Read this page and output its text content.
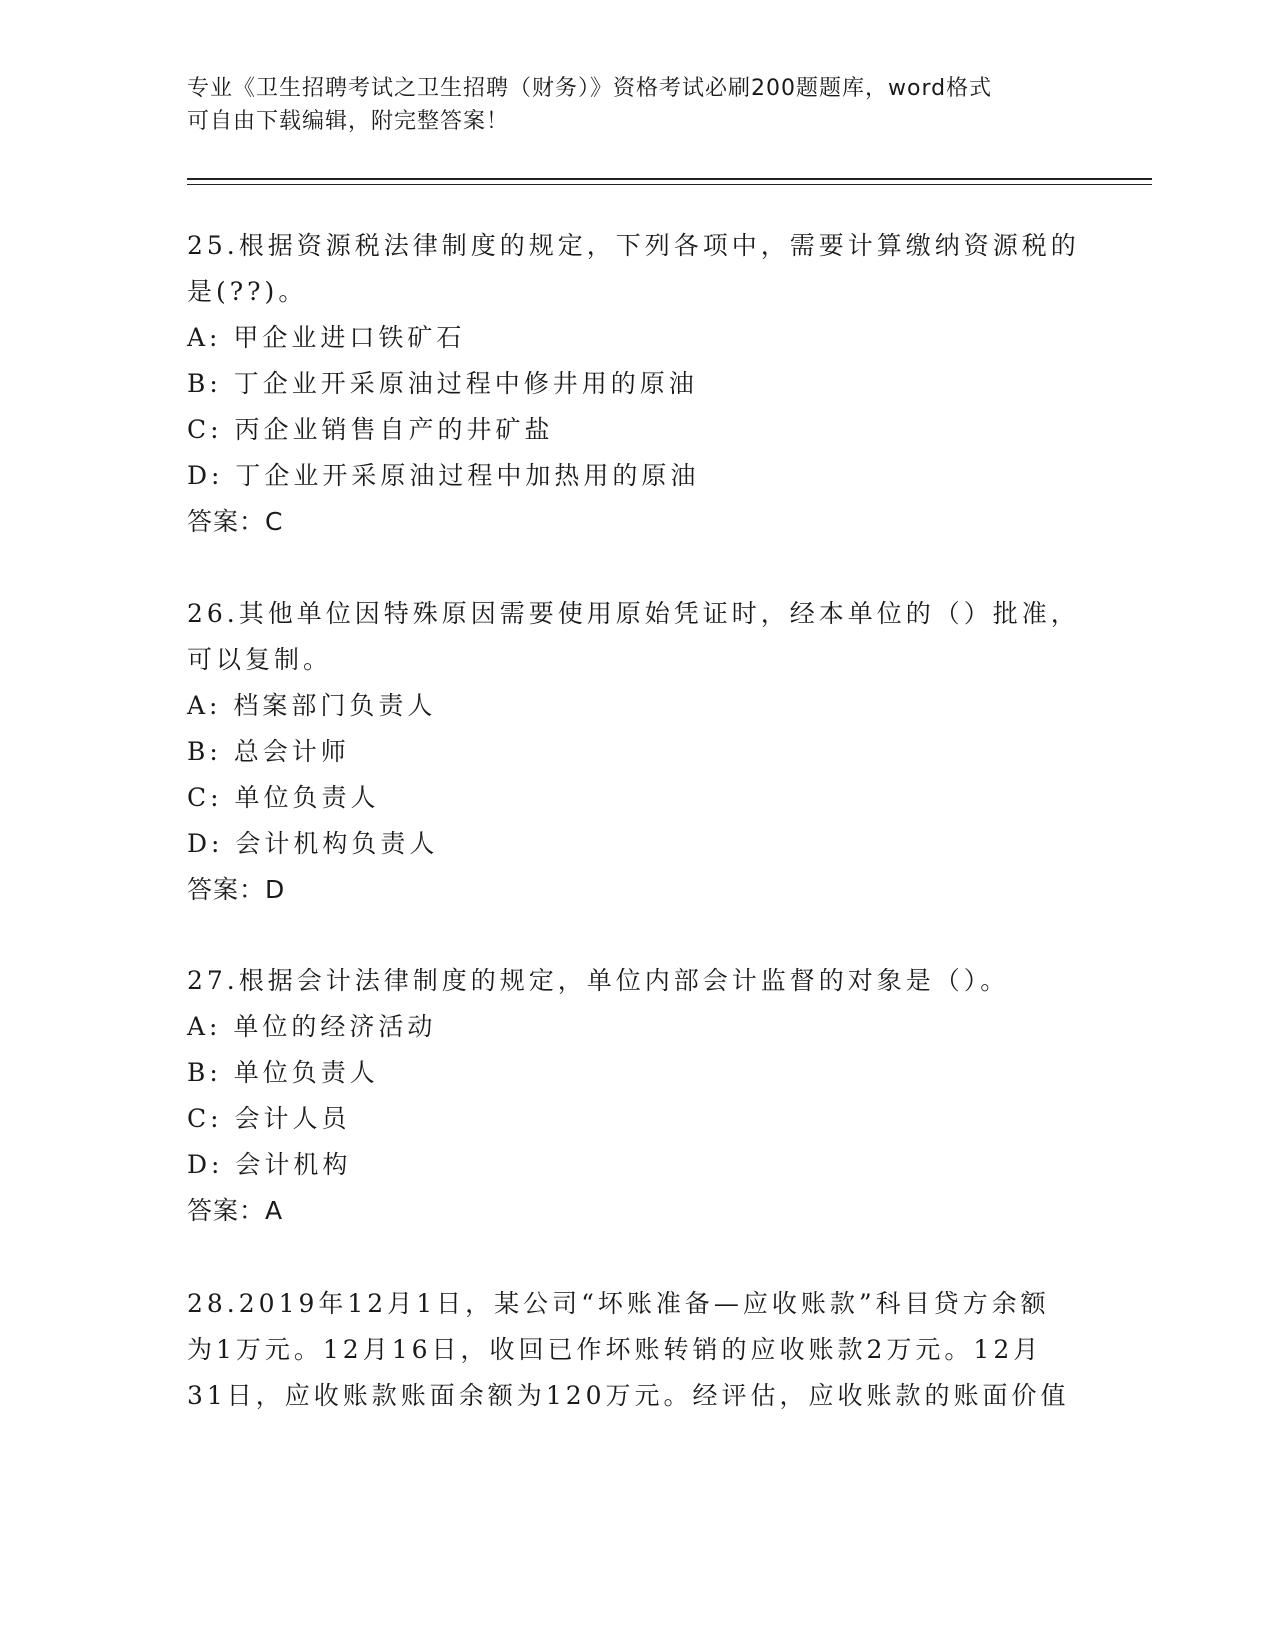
专业《卫生招聘考试之卫生招聘（财务）》资格考试必刷200题题库，word格式
可自由下载编辑，附完整答案！

25.根据资源税法律制度的规定，下列各项中，需要计算缴纳资源税的

是(??)。

A: 甲企业进口铁矿石

B: 丁企业开采原油过程中修井用的原油

C: 丙企业销售自产的井矿盐

D: 丁企业开采原油过程中加热用的原油

答案：C

26.其他单位因特殊原因需要使用原始凭证时，经本单位的（）批准，

可以复制。

A: 档案部门负责人

B: 总会计师

C: 单位负责人

D: 会计机构负责人

答案：D

27.根据会计法律制度的规定，单位内部会计监督的对象是（）。

A: 单位的经济活动

B: 单位负责人

C: 会计人员

D: 会计机构

答案：A

28.2019年12月1日，某公司“坏账准备—应收账款”科目贷方余额

为1万元。12月16日，收回已作坏账转销的应收账款2万元。12月

31日，应收账款账面余额为120万元。经评估，应收账款的账面价值
